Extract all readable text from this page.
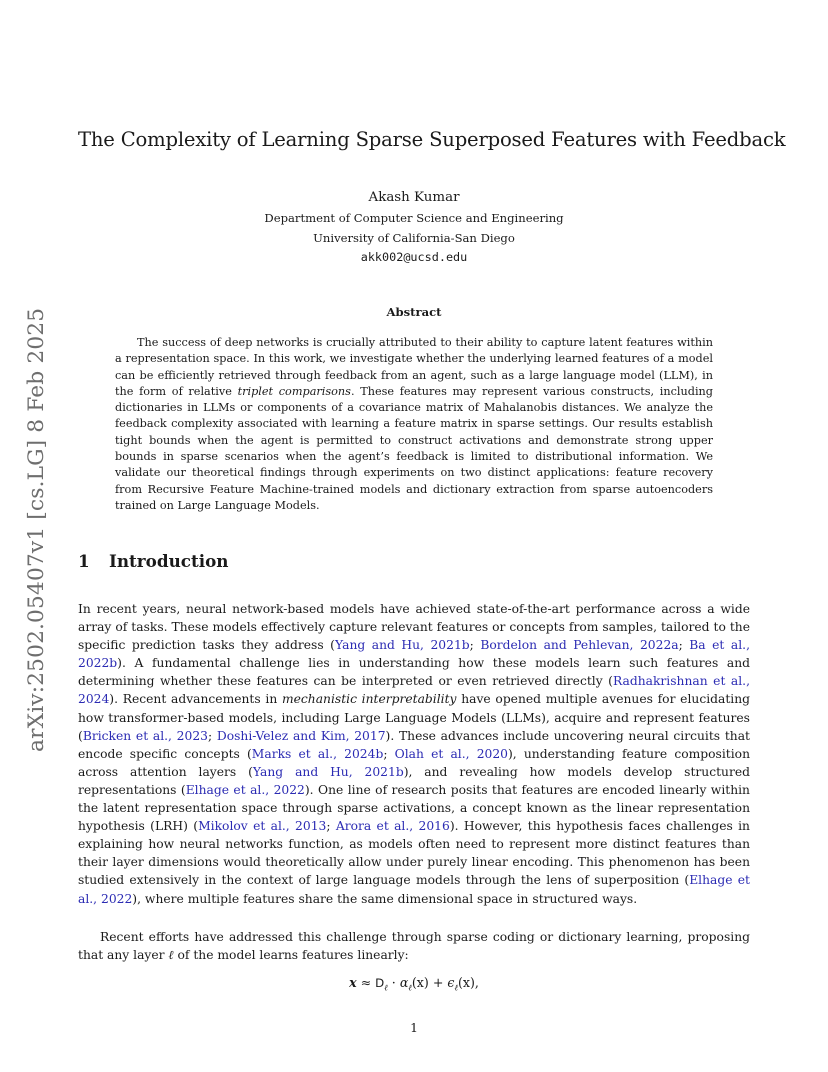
arXiv:2502.05407v1 [cs.LG] 8 Feb 2025
The Complexity of Learning Sparse Superposed Features with Feedback
Akash Kumar
Department of Computer Science and Engineering
University of California-San Diego
akk002@ucsd.edu
Abstract

The success of deep networks is crucially attributed to their ability to capture latent features within a representation space. In this work, we investigate whether the underlying learned features of a model can be efficiently retrieved through feedback from an agent, such as a large language model (LLM), in the form of relative triplet comparisons. These features may represent various constructs, including dictionaries in LLMs or components of a covariance matrix of Mahalanobis distances. We analyze the feedback complexity associated with learning a feature matrix in sparse settings. Our results establish tight bounds when the agent is permitted to construct activations and demonstrate strong upper bounds in sparse scenarios when the agent’s feedback is limited to distributional information. We validate our theoretical findings through experiments on two distinct applications: feature recovery from Recursive Feature Machine-trained models and dictionary extraction from sparse autoencoders trained on Large Language Models.

1 Introduction

In recent years, neural network-based models have achieved state-of-the-art performance across a wide array of tasks. These models effectively capture relevant features or concepts from samples, tailored to the specific prediction tasks they address (Yang and Hu, 2021b; Bordelon and Pehlevan, 2022a; Ba et al., 2022b). A fundamental challenge lies in understanding how these models learn such features and determining whether these features can be interpreted or even retrieved directly (Radhakrishnan et al., 2024). Recent advancements in mechanistic interpretability have opened multiple avenues for elucidating how transformer-based models, including Large Language Models (LLMs), acquire and represent features (Bricken et al., 2023; Doshi-Velez and Kim, 2017). These advances include uncovering neural circuits that encode specific concepts (Marks et al., 2024b; Olah et al., 2020), understanding feature composition across attention layers (Yang and Hu, 2021b), and revealing how models develop structured representations (Elhage et al., 2022). One line of research posits that features are encoded linearly within the latent representation space through sparse activations, a concept known as the linear representation hypothesis (LRH) (Mikolov et al., 2013; Arora et al., 2016). However, this hypothesis faces challenges in explaining how neural networks function, as models often need to represent more distinct features than their layer dimensions would theoretically allow under purely linear encoding. This phenomenon has been studied extensively in the context of large language models through the lens of superposition (Elhage et al., 2022), where multiple features share the same dimensional space in structured ways.

Recent efforts have addressed this challenge through sparse coding or dictionary learning, proposing that any layer ℓ of the model learns features linearly:

$x \approx D_\ell \cdot \alpha_\ell(x) + \epsilon_\ell(x)$,
1
